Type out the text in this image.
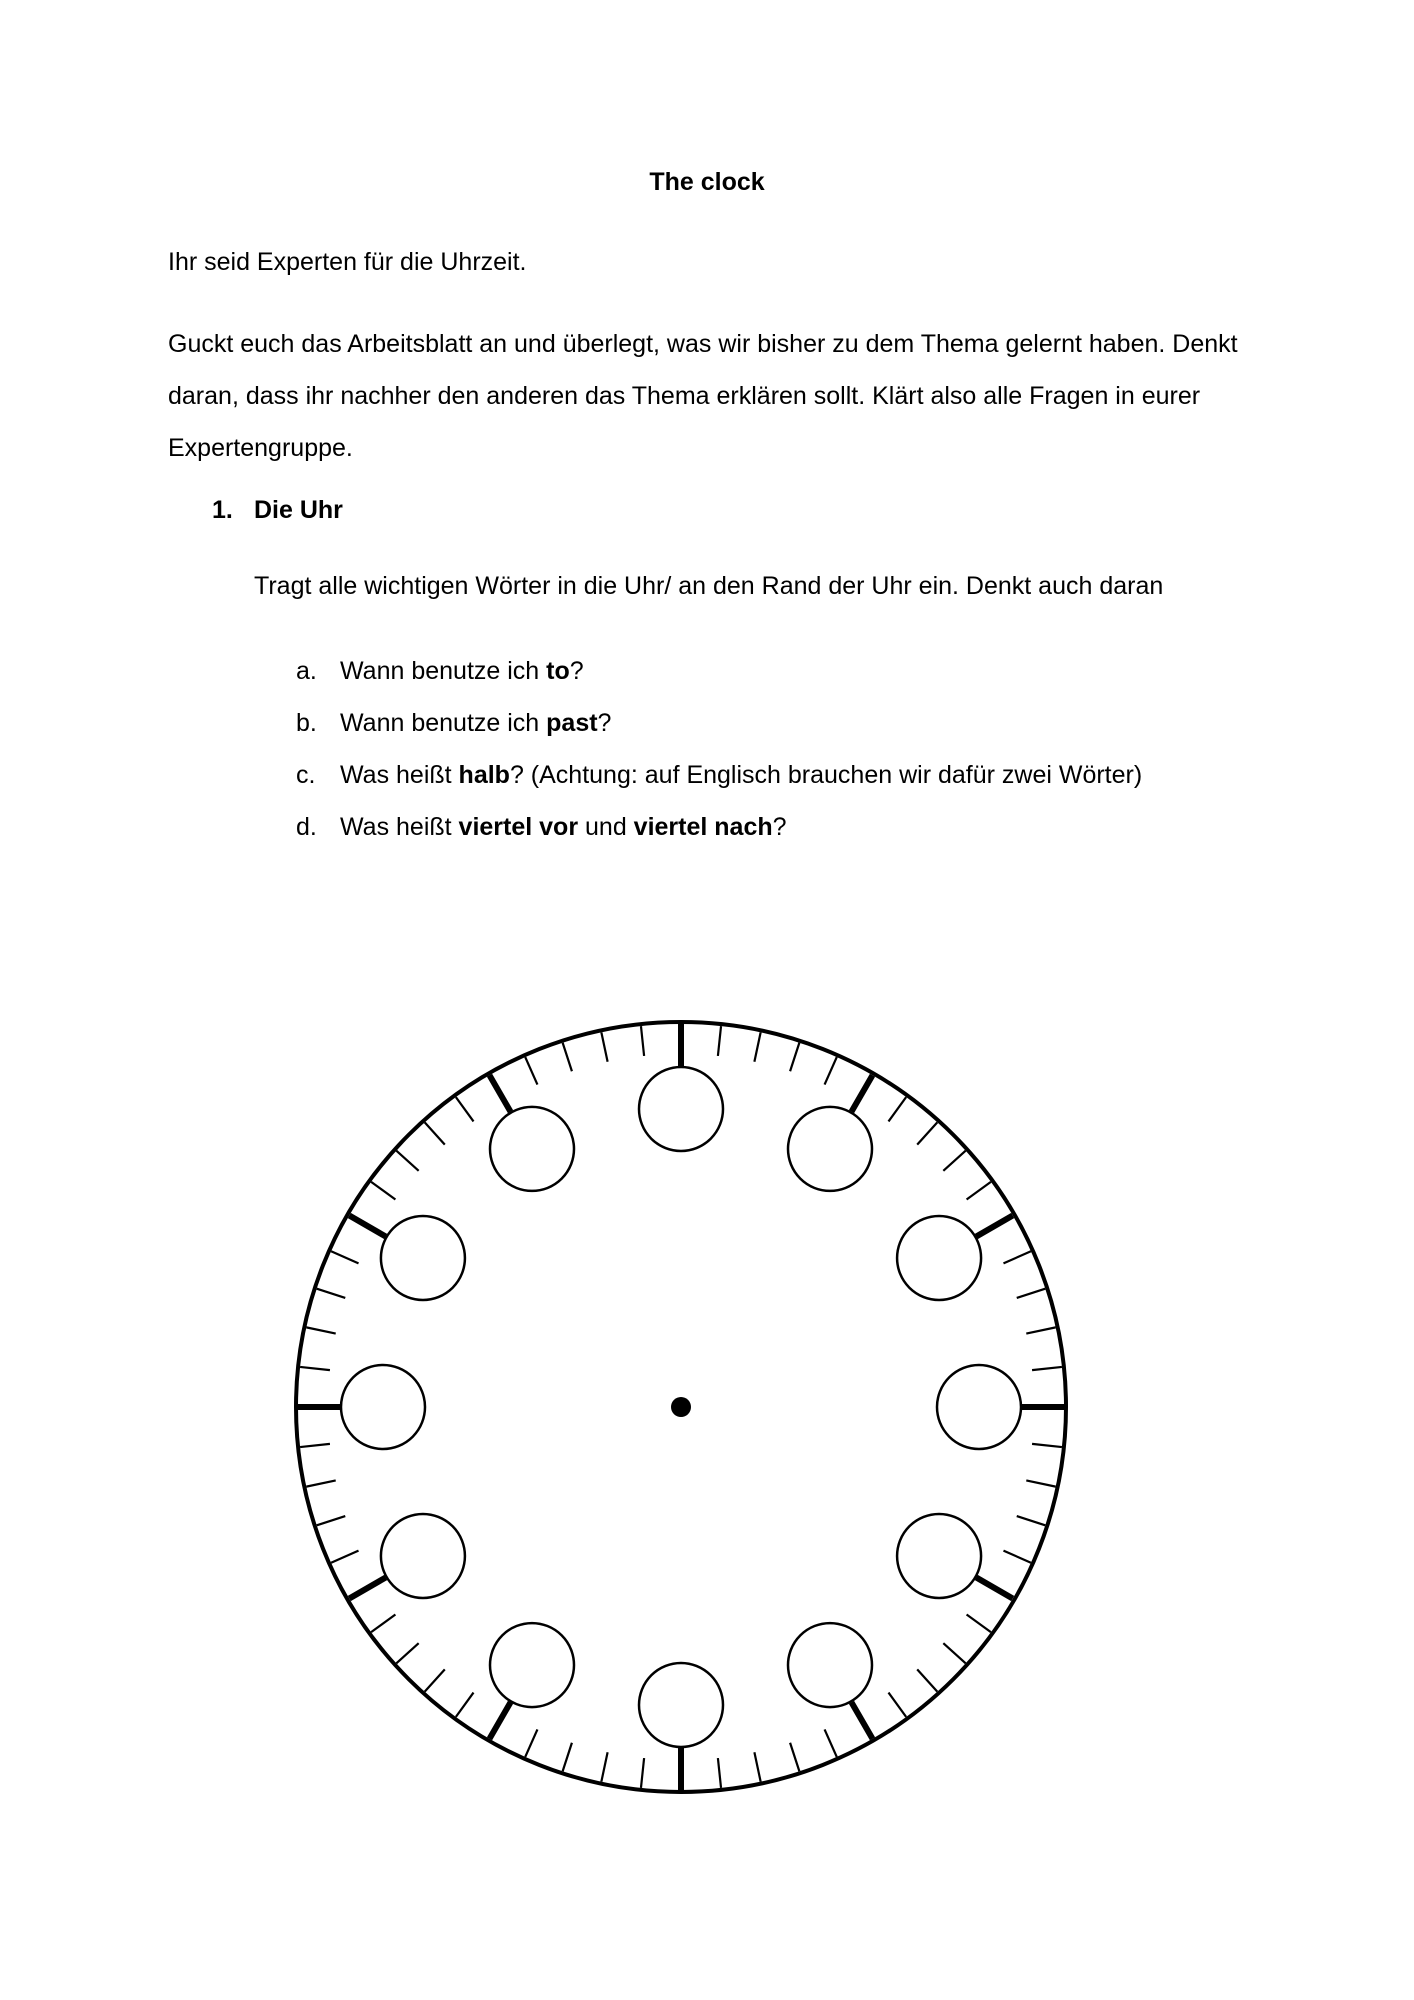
The clock

Ihr seid Experten für die Uhrzeit.

Guckt euch das Arbeitsblatt an und überlegt, was wir bisher zu dem Thema gelernt haben. Denkt daran, dass ihr nachher den anderen das Thema erklären sollt. Klärt also alle Fragen in eurer Expertengruppe.

1. Die Uhr
Tragt alle wichtigen Wörter in die Uhr/ an den Rand der Uhr ein. Denkt auch daran
a. Wann benutze ich to?
b. Wann benutze ich past?
c. Was heißt halb? (Achtung: auf Englisch brauchen wir dafür zwei Wörter)
d. Was heißt viertel vor und viertel nach?
